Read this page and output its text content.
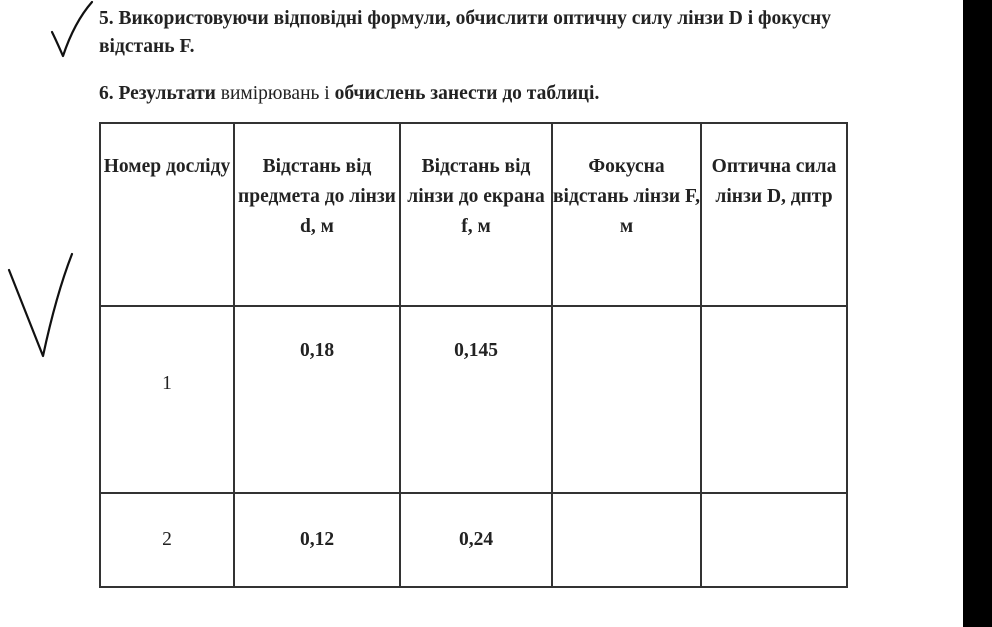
5. Використовуючи відповідні формули, обчислити оптичну силу лінзи D і фокусну відстань F.

6. Результати вимірювань і обчислень занести до таблиці.

Номер досліду	Відстань від предмета до лінзи d, м	Відстань від лінзи до екрана f, м	Фокусна відстань лінзи F, м	Оптична сила лінзи D, дптр
1	0,18	0,145		
2	0,12	0,24		
